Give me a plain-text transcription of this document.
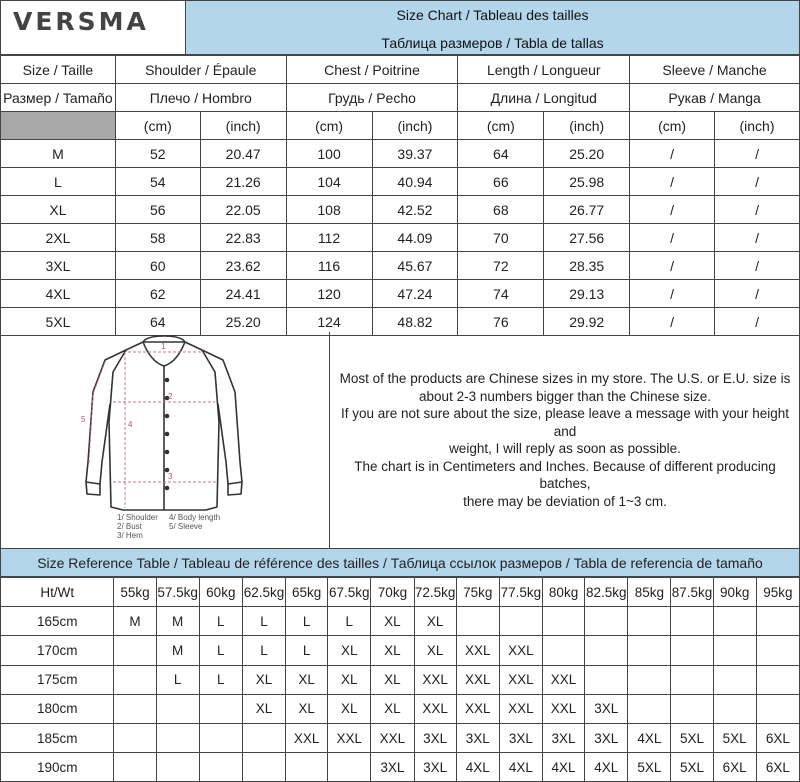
VERSMA	Size Chart / Tableau des tailles
Таблица размеров / Tabla de tallas
Size / Taille	Shoulder / Épaule		Chest / Poitrine		Length / Longueur		Sleeve / Manche	
Размер / Tamaño	Плечо / Hombro		Грудь / Pecho		Длина / Longitud		Рукав / Manga	
	(cm)	(inch)	(cm)	(inch)	(cm)	(inch)	(cm)	(inch)
M	52	20.47	100	39.37	64	25.20	/	/
L	54	21.26	104	40.94	66	25.98	/	/
XL	56	22.05	108	42.52	68	26.77	/	/
2XL	58	22.83	112	44.09	70	27.56	/	/
3XL	60	23.62	116	45.67	72	28.35	/	/
4XL	62	24.41	120	47.24	74	29.13	/	/
5XL	64	25.20	124	48.82	76	29.92	/	/
1
2
3
4
5
1/ Shoulder
2/ Bust
3/ Hem
4/ Body length
5/ Sleeve
Most of the products are Chinese sizes in my store. The U.S. or E.U. size is
about 2-3 numbers bigger than the Chinese size.
If you are not sure about the size, please leave a message with your height and
weight, I will reply as soon as possible.
The chart is in Centimeters and Inches. Because of different producing batches,
there may be deviation of 1~3 cm.
Size Reference Table / Tableau de référence des tailles / Таблица ссылок размеров / Tabla de referencia de tamaño
Ht/Wt	55kg	57.5kg	60kg	62.5kg	65kg	67.5kg	70kg	72.5kg	75kg	77.5kg	80kg	82.5kg	85kg	87.5kg	90kg	95kg
165cm	M	M	L	L	L	L	XL	XL								
170cm		M	L	L	L	XL	XL	XL	XXL	XXL						
175cm		L	L	XL	XL	XL	XL	XXL	XXL	XXL	XXL					
180cm				XL	XL	XL	XL	XXL	XXL	XXL	XXL	3XL				
185cm					XXL	XXL	XXL	3XL	3XL	3XL	3XL	3XL	4XL	5XL	5XL	6XL
190cm							3XL	3XL	4XL	4XL	4XL	4XL	5XL	5XL	6XL	6XL
